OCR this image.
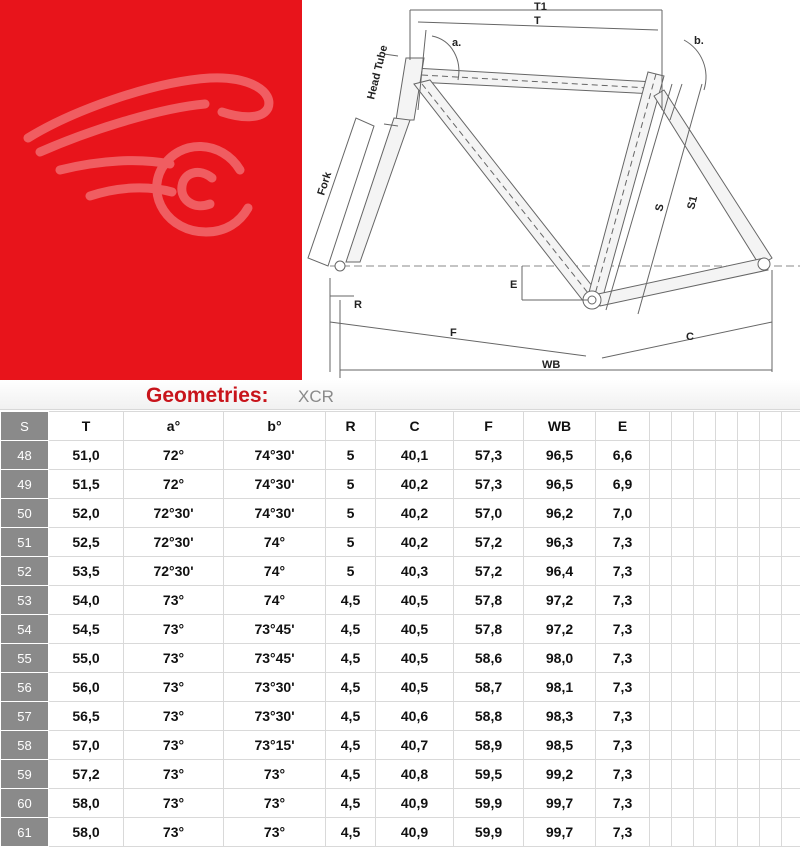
T1
T
a.	b.
Head Tube
Fork
S S1
E
R
F	C
WB
Geometries: XCR
S	T	a°	b°	R	C	F	WB	E							
48	51,0	72°	74°30'	5	40,1	57,3	96,5	6,6							
49	51,5	72°	74°30'	5	40,2	57,3	96,5	6,9							
50	52,0	72°30'	74°30'	5	40,2	57,0	96,2	7,0							
51	52,5	72°30'	74°	5	40,2	57,2	96,3	7,3							
52	53,5	72°30'	74°	5	40,3	57,2	96,4	7,3							
53	54,0	73°	74°	4,5	40,5	57,8	97,2	7,3							
54	54,5	73°	73°45'	4,5	40,5	57,8	97,2	7,3							
55	55,0	73°	73°45'	4,5	40,5	58,6	98,0	7,3							
56	56,0	73°	73°30'	4,5	40,5	58,7	98,1	7,3							
57	56,5	73°	73°30'	4,5	40,6	58,8	98,3	7,3							
58	57,0	73°	73°15'	4,5	40,7	58,9	98,5	7,3							
59	57,2	73°	73°	4,5	40,8	59,5	99,2	7,3							
60	58,0	73°	73°	4,5	40,9	59,9	99,7	7,3							
61	58,0	73°	73°	4,5	40,9	59,9	99,7	7,3							
